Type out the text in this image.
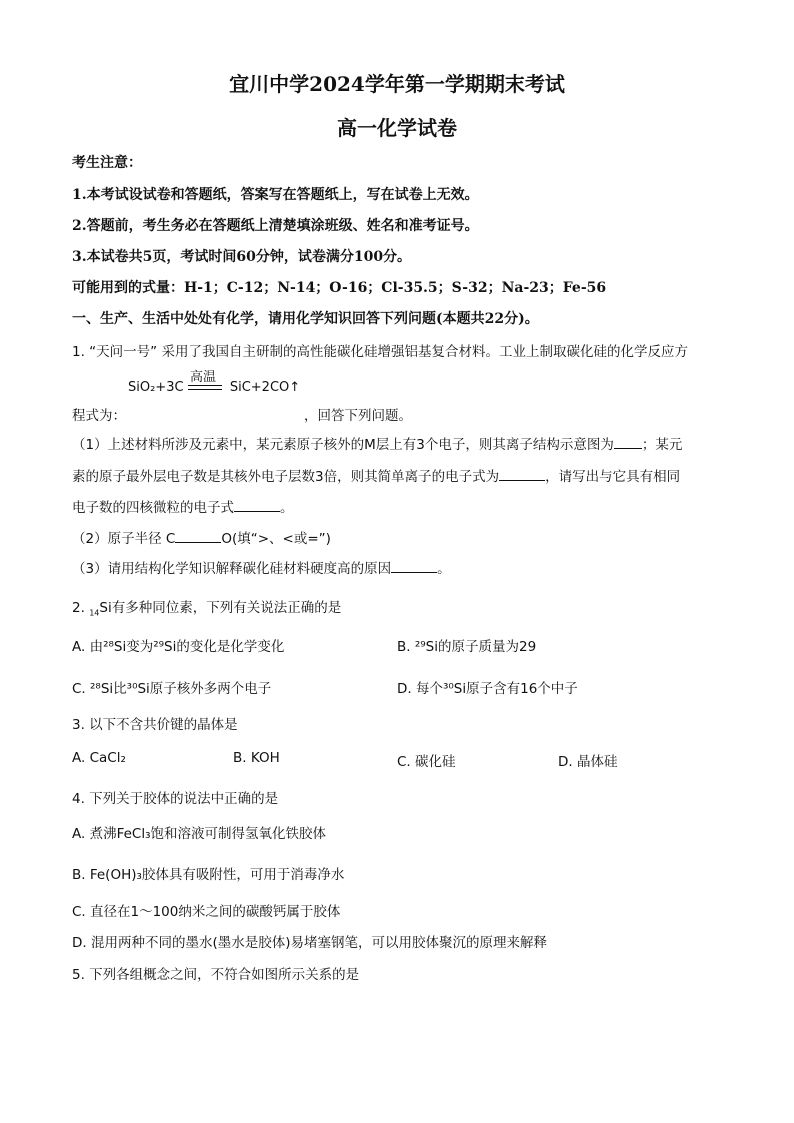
宜川中学2024学年第一学期期末考试
高一化学试卷
考生注意：
1.本考试设试卷和答题纸，答案写在答题纸上，写在试卷上无效。
2.答题前，考生务必在答题纸上清楚填涂班级、姓名和准考证号。
3.本试卷共5页，考试时间60分钟，试卷满分100分。
可能用到的式量：H-1；C-12；N-14；O-16；Cl-35.5；S-32；Na-23；Fe-56
一、生产、生活中处处有化学，请用化学知识回答下列问题(本题共22分)。
1. “天问一号” 采用了我国自主研制的高性能碳化硅增强铝基复合材料。工业上制取碳化硅的化学反应方
高温
SiO₂+3C	SiC+2CO↑
程式为：	，回答下列问题。
（1）上述材料所涉及元素中，某元素原子核外的M层上有3个电子，则其离子结构示意图为 ；某元
素的原子最外层电子数是其核外电子层数3倍，则其简单离子的电子式为	，请写出与它具有相同
电子数的四核微粒的电子式	。
（2）原子半径 C	O(填“>、<或=”)
（3）请用结构化学知识解释碳化硅材料硬度高的原因	。
2. $_{14}$Si有多种同位素，下列有关说法正确的是
A. 由²⁸Si变为²⁹Si的变化是化学变化	B. ²⁹Si的原子质量为29
C. ²⁸Si比³⁰Si原子核外多两个电子	D. 每个³⁰Si原子含有16个中子
3. 以下不含共价键的晶体是
A. CaCl₂	B. KOH	C. 碳化硅	D. 晶体硅
4. 下列关于胶体的说法中正确的是
A. 煮沸FeCl₃饱和溶液可制得氢氧化铁胶体
B. Fe(OH)₃胶体具有吸附性，可用于消毒净水
C. 直径在1～100纳米之间的碳酸钙属于胶体
D. 混用两种不同的墨水(墨水是胶体)易堵塞钢笔，可以用胶体聚沉的原理来解释
5. 下列各组概念之间，不符合如图所示关系的是
